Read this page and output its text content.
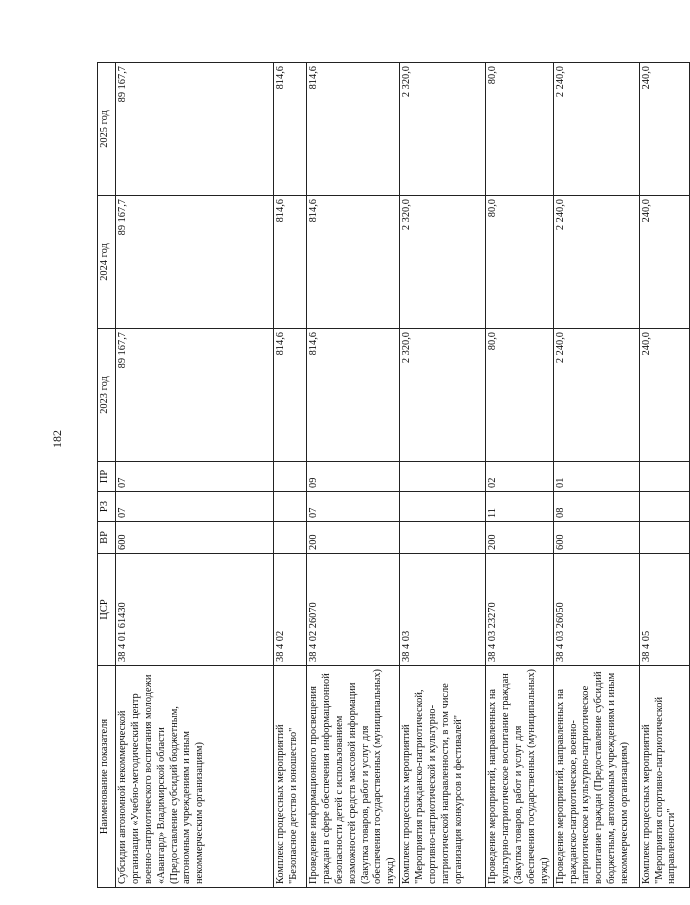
182
Наименование показателя	ЦСР	ВР	РЗ	ПР	2023 год	2024 год	2025 год
Субсидии автономной некоммерческой организации «Учебно-методический центр военно-патриотического воспитания молодежи «Авангард» Владимирской области (Предоставление субсидий бюджетным, автономным учреждениям и иным некоммерческим организациям)	38 4 01 61430	600	07	07	89 167,7	89 167,7	89 167,7
Комплекс процессных мероприятий "Безопасное детство и юношество"	38 4 02				814,6	814,6	814,6
Проведение информационного просвещения граждан в сфере обеспечения информационной безопасности детей с использованием возможностей средств массовой информации (Закупка товаров, работ и услуг для обеспечения государственных (муниципальных) нужд)	38 4 02 26070	200	07	09	814,6	814,6	814,6
Комплекс процессных мероприятий "Мероприятия гражданско-патриотической, спортивно-патриотической и культурно-патриотической направленности, в том числе организация конкурсов и фестивалей"	38 4 03				2 320,0	2 320,0	2 320,0
Проведение мероприятий, направленных на культурно-патриотическое воспитание граждан (Закупка товаров, работ и услуг для обеспечения государственных (муниципальных) нужд)	38 4 03 23270	200	11	02	80,0	80,0	80,0
Проведение мероприятий, направленных на гражданско-патриотическое, военно-патриотическое и культурно-патриотическое воспитание граждан (Предоставление субсидий бюджетным, автономным учреждениям и иным некоммерческим организациям)	38 4 03 26050	600	08	01	2 240,0	2 240,0	2 240,0
Комплекс процессных мероприятий "Мероприятия спортивно-патриотической направленности"	38 4 05				240,0	240,0	240,0
